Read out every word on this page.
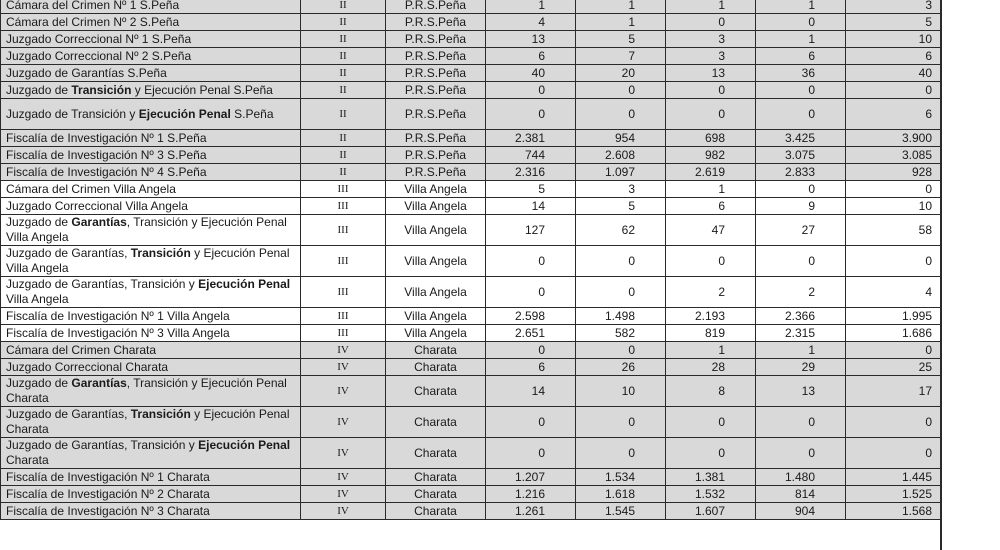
Cámara del Crimen Nº 1 S.Peña	II	P.R.S.Peña	1	1	1	1	3
Cámara del Crimen Nº 2 S.Peña	II	P.R.S.Peña	4	1	0	0	5
Juzgado Correccional Nº 1 S.Peña	II	P.R.S.Peña	13	5	3	1	10
Juzgado Correccional Nº 2 S.Peña	II	P.R.S.Peña	6	7	3	6	6
Juzgado de Garantías S.Peña	II	P.R.S.Peña	40	20	13	36	40
Juzgado de Transición y Ejecución Penal S.Peña	II	P.R.S.Peña	0	0	0	0	0
Juzgado de Transición y Ejecución Penal S.Peña	II	P.R.S.Peña	0	0	0	0	6
Fiscalía de Investigación Nº 1 S.Peña	II	P.R.S.Peña	2.381	954	698	3.425	3.900
Fiscalía de Investigación Nº 3 S.Peña	II	P.R.S.Peña	744	2.608	982	3.075	3.085
Fiscalía de Investigación Nº 4 S.Peña	II	P.R.S.Peña	2.316	1.097	2.619	2.833	928
Cámara del Crimen Villa Angela	III	Villa Angela	5	3	1	0	0
Juzgado Correccional Villa Angela	III	Villa Angela	14	5	6	9	10
Juzgado de Garantías, Transición y Ejecución Penal Villa Angela	III	Villa Angela	127	62	47	27	58
Juzgado de Garantías, Transición y Ejecución Penal Villa Angela	III	Villa Angela	0	0	0	0	0
Juzgado de Garantías, Transición y Ejecución Penal Villa Angela	III	Villa Angela	0	0	2	2	4
Fiscalía de Investigación Nº 1 Villa Angela	III	Villa Angela	2.598	1.498	2.193	2.366	1.995
Fiscalía de Investigación Nº 3 Villa Angela	III	Villa Angela	2.651	582	819	2.315	1.686
Cámara del Crimen Charata	IV	Charata	0	0	1	1	0
Juzgado Correccional Charata	IV	Charata	6	26	28	29	25
Juzgado de Garantías, Transición y Ejecución Penal Charata	IV	Charata	14	10	8	13	17
Juzgado de Garantías, Transición y Ejecución Penal Charata	IV	Charata	0	0	0	0	0
Juzgado de Garantías, Transición y Ejecución Penal Charata	IV	Charata	0	0	0	0	0
Fiscalía de Investigación Nº 1 Charata	IV	Charata	1.207	1.534	1.381	1.480	1.445
Fiscalía de Investigación Nº 2 Charata	IV	Charata	1.216	1.618	1.532	814	1.525
Fiscalía de Investigación Nº 3 Charata	IV	Charata	1.261	1.545	1.607	904	1.568
